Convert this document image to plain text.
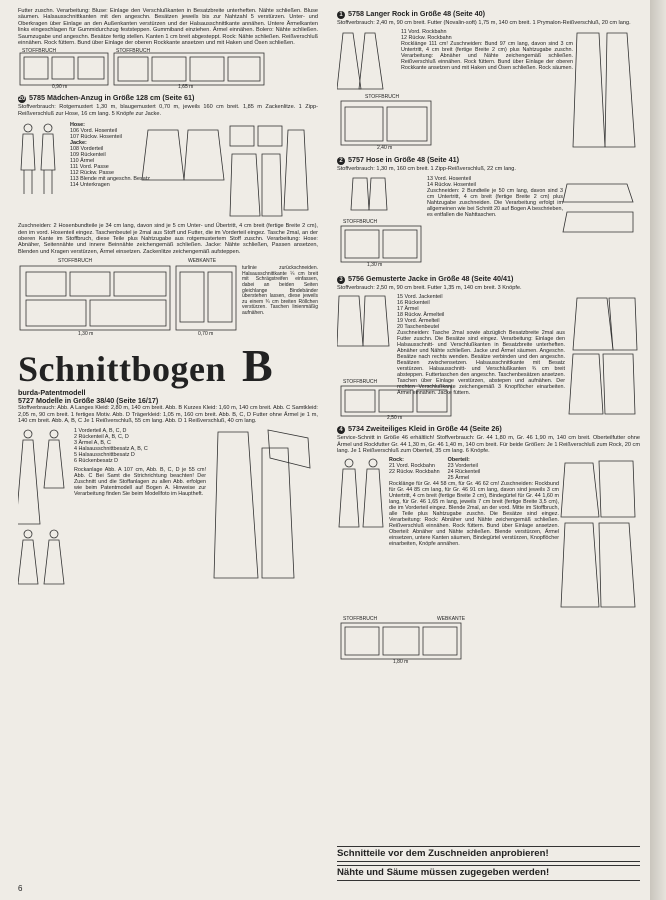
Futter zuschn. Verarbeitung: Bluse: Einlage den Verschlußkanten in Besatzbreite unterheften. Nähte schließen. Bluse säumen. Halsausschnittkanten mit den angeschn. Besätzen jeweils bis zur Nahtzahl 5 verstürzen. Unter- und Oberkragen über Einlage an den Außenkanten verstürzen und der Halsausschnittkante annähen. Untere Ärmelkanten links eingeschlagen für Gummidurchzug feststeppen. Gummiband einziehen. Ärmel einnähen. Bolero: Nähte schließen. Saumzugabe und angeschn. Besätze fertig stellen. Kanten 1 cm breit abgesteppt. Rock: Nähte schließen. Reißverschluß einnähen. Rock füttern. Bund über Einlage der oberen Rockkante ansetzen und mit Haken und Ösen schließen.
STOFFBRUCH	STOFFBRUCH
0,90 m	1,65 m
20 5785 Mädchen-Anzug in Größe 128 cm (Seite 61)
Stoffverbrauch: Rotgemustert 1,30 m, blaugemustert 0,70 m, jeweils 160 cm breit. 1,85 m Zackenlitze. 1 Zipp-Reißverschluß zur Hose, 16 cm lang. 5 Knöpfe zur Jacke.
Hose:
106 Vord. Hosenteil
107 Rückw. Hosenteil
Jacke:
108 Vorderteil
109 Rückenteil
110 Ärmel
111 Vord. Passe
112 Rückw. Passe
113 Blende mit angeschn. Besatz
114 Unterkragen
Zuschneiden: 2 Hosenbundteile je 34 cm lang, davon sind je 5 cm Unter- und Übertritt, 4 cm breit (fertige Breite 2 cm), den im vord. Hosenteil eingez. Taschenbeutel je 2mal aus Stoff und Futter, die im Vorderteil eingez. Tasche 2mal, an der oberen Kante im Stoffbruch, diese Teile plus Nahtzugabe aus rotgemustertem Stoff zuschn. Verarbeitung: Hose: Abnäher, Seitennähte und innere Beinnähte zeichengemäß schließen. Jacke: Nähte schließen, Passen ansetzen, Blenden und Kragen verstürzen, Ärmel einsetzen. Zackenlitze zeichengemäß aufsteppen.
STOFFBRUCH	WEBKANTE
1,30 m	0,70 m
turlinie zurückschneiden. Halsausschnittkante ¼ cm breit mit Schrägstreifen einfassen, dabei an beiden Seiten gleichlange Bindebänder überstehen lassen, diese jeweils zu einem ¾ cm breiten Röllchen verstürzen. Taschen linienmäßig aufnähen.
Schnittbogen B
burda-Patentmodell
5727 Modelle in Größe 38/40 (Seite 16/17)
Stoffverbrauch: Abb. A Langes Kleid: 2,80 m, 140 cm breit. Abb. B Kurzes Kleid: 1,60 m, 140 cm breit. Abb. C Samtkleid: 2,05 m, 90 cm breit. 1 fertiges Motiv. Abb. D Trägerkleid: 1,05 m, 160 cm breit. Abb. B, C, D Futter ohne Ärmel je 1 m, 140 cm breit. Abb. A, B, C Je 1 Reißverschluß, 55 cm lang. Abb. D 1 Reißverschluß, 40 cm lang.
1 Vorderteil A, B, C, D
2 Rückenteil A, B, C, D
3 Ärmel A, B, C
4 Halsausschnittbesatz A, B, C
5 Halsausschnittbesatz D
6 Rückenbesatz D
Rockanlage Abb. A 107 cm, Abb. B, C, D je 55 cm! Abb. C Bei Samt die Strichrichtung beachten! Der Zuschnitt und die Stoffanlagen zu allen Abb. erfolgen wie beim Patentmodell auf Bogen A. Hinweise zur Verarbeitung finden Sie beim Modellfoto im Hauptheft.
1 5758 Langer Rock in Größe 48 (Seite 40)
Stoffverbrauch: 2,40 m, 90 cm breit. Futter (Novalin-soft) 1,75 m, 140 cm breit. 1 Prymalon-Reißverschluß, 20 cm lang.
STOFFBRUCH
2,40 m
11 Vord. Rockbahn
12 Rückw. Rockbahn
Rocklänge 111 cm! Zuschneiden: Bund 97 cm lang, davon sind 3 cm Untertritt, 4 cm breit (fertige Breite 2 cm) plus Nahtzugabe zuschn. Verarbeitung: Abnäher und Nähte zeichengemäß schließen. Reißverschluß einnähen. Rock füttern. Bund über Einlage der oberen Rockkante ansetzen und mit Haken und Ösen schließen. Rock säumen.
2 5757 Hose in Größe 48 (Seite 41)
Stoffverbrauch: 1,30 m, 160 cm breit. 1 Zipp-Reißverschluß, 22 cm lang.
STOFFBRUCH
1,30 m
13 Vord. Hosenteil
14 Rückw. Hosenteil
Zuschneiden: 2 Bundteile je 50 cm lang, davon sind 3 cm Untertritt, 4 cm breit (fertige Breite 2 cm) plus Nahtzugabe zuschneiden. Die Verarbeitung erfolgt im allgemeinen wie bei Schnitt 20 auf Bogen A beschrieben, es entfallen die Nahttaschen.
3 5756 Gemusterte Jacke in Größe 48 (Seite 40/41)
Stoffverbrauch: 2,50 m, 90 cm breit. Futter 1,35 m, 140 cm breit. 3 Knöpfe.
STOFFBRUCH
2,50 m
15 Vord. Jackenteil
16 Rückenteil
17 Ärmel
18 Rückw. Ärmelteil
19 Vord. Ärmelteil
20 Taschenbeutel
Zuschneiden: Tasche 2mal sowie abzüglich Besatzbreite 2mal aus Futter zuschn. Die Besätze sind eingez. Verarbeitung: Einlage den Halsausschnitt- und Verschlußkanten in Besatzbreite unterheften. Abnäher und Nähte schließen. Jacke und Ärmel säumen. Angeschn. Besätze nach rechts wenden. Besätze verbinden und den angeschn. Besätzen zwischensetzen. Halsausschnittkante mit Besatz verstürzen. Halsausschnitt- und Verschlußkanten ¾ cm breit absteppen. Futtertaschen den angeschn. Taschenbesätzen ansetzen. Taschen über Einlage verstürzen, abstepen und aufnähen. Der rechten Verschlußkante zeichengemäß 3 Knopflöcher einarbeiten. Ärmel einnähen. Jacke füttern.
4 5734 Zweiteiliges Kleid in Größe 44 (Seite 26)
Service-Schnitt in Größe 46 erhältlich! Stoffverbrauch: Gr. 44 1,80 m, Gr. 46 1,90 m, 140 cm breit. Oberteilfutter ohne Ärmel und Rockfutter Gr. 44 1,30 m, Gr. 46 1,40 m, 140 cm breit. Für beide Größen: Je 1 Reißverschluß zum Rock, 20 cm lang. Je 1 Reißverschluß zum Oberteil, 35 cm lang. 6 Knöpfe.
STOFFBRUCH	WEBKANTE
1,80 m
Rock:
21 Vord. Rockbahn
22 Rückw. Rockbahn
Oberteil:
23 Vorderteil
24 Rückenteil
25 Ärmel
Rocklänge für Gr. 44 58 cm, für Gr. 46 62 cm! Zuschneiden: Rockbund für Gr. 44 85 cm lang, für Gr. 46 91 cm lang, davon sind jeweils 3 cm Untertritt, 4 cm breit (fertige Breite 2 cm), Bindegürtel für Gr. 44 1,60 m lang, für Gr. 46 1,65 m lang, jeweils 7 cm breit (fertige Breite 3,5 cm), die im Vorderteil eingez. Blende 2mal, an der vord. Mitte im Stoffbruch, alle Teile plus Nahtzugabe zuschn. Die Besätze sind eingez. Verarbeitung: Rock: Abnäher und Nähte zeichengemäß schließen. Reißverschluß einnähen. Rock füttern. Bund über Einlage ansetzen. Oberteil: Abnäher und Nähte schließen. Blende verstürzen, Ärmel einsetzen, untere Kanten säumen, Bindegürtel verstürzen, Knopflöcher einarbeiten, Knöpfe annähen.
Schnitteile vor dem Zuschneiden anprobieren!
Nähte und Säume müssen zugegeben werden!
6
